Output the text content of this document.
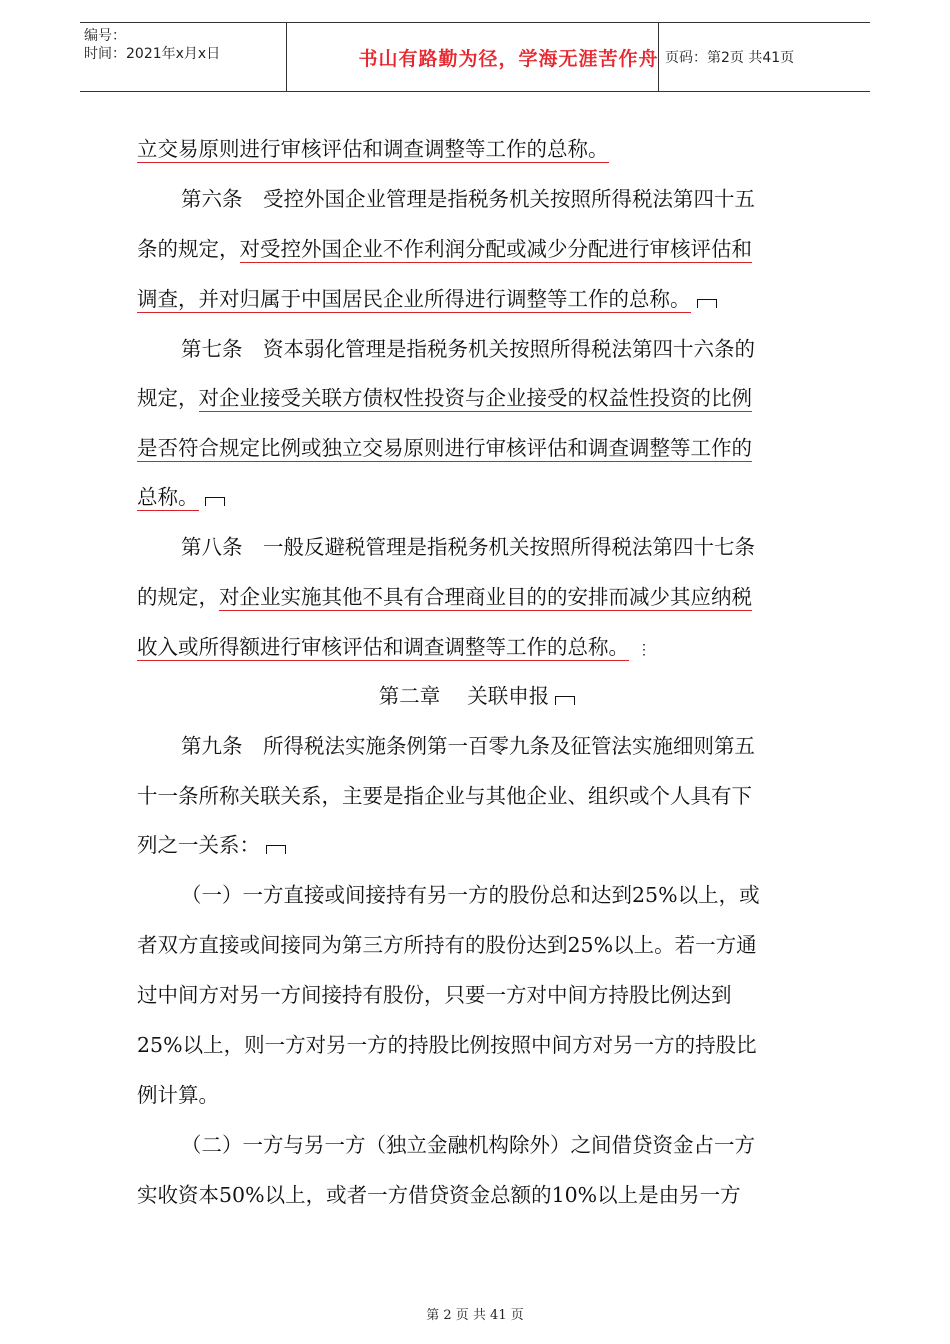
编号：
时间：2021年x月x日	书山有路勤为径，学海无涯苦作舟 页码：第2页 共41页
立交易原则进行审核评估和调查调整等工作的总称。
第六条　受控外国企业管理是指税务机关按照所得税法第四十五
条的规定，对受控外国企业不作利润分配或减少分配进行审核评估和
调查，并对归属于中国居民企业所得进行调整等工作的总称。
第七条　资本弱化管理是指税务机关按照所得税法第四十六条的
规定，对企业接受关联方债权性投资与企业接受的权益性投资的比例
是否符合规定比例或独立交易原则进行审核评估和调查调整等工作的
总称。
第八条　一般反避税管理是指税务机关按照所得税法第四十七条
的规定，对企业实施其他不具有合理商业目的的安排而减少其应纳税
收入或所得额进行审核评估和调查调整等工作的总称。 ⋮
第二章　 关联申报
第九条　所得税法实施条例第一百零九条及征管法实施细则第五
十一条所称关联关系，主要是指企业与其他企业、组织或个人具有下
列之一关系：
（一）一方直接或间接持有另一方的股份总和达到25%以上，或
者双方直接或间接同为第三方所持有的股份达到25%以上。若一方通
过中间方对另一方间接持有股份，只要一方对中间方持股比例达到
25%以上，则一方对另一方的持股比例按照中间方对另一方的持股比
例计算。
（二）一方与另一方（独立金融机构除外）之间借贷资金占一方
实收资本50%以上，或者一方借贷资金总额的10%以上是由另一方
第 2 页 共 41 页
